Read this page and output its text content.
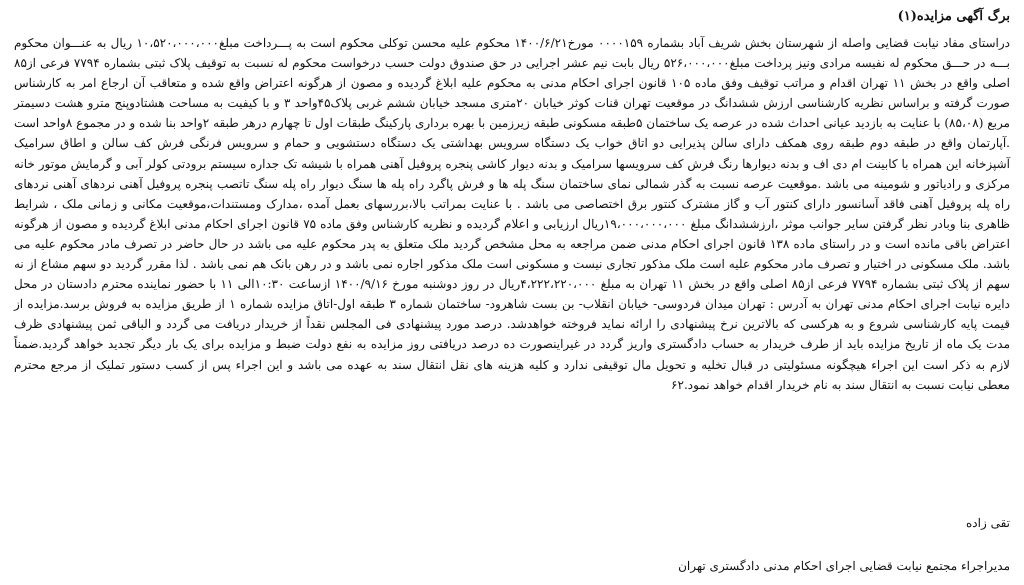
برگ آگهی مزایده(۱)

دراستای مفاد نیابت قضایی واصله از شهرستان بخش شریف آباد بشماره ۰۰۰۰۱۵۹ مورخ۱۴۰۰/۶/۲۱ محکوم علیه محسن توکلی محکوم است به پـــرداخت مبلغ۱۰،۵۲۰،۰۰۰،۰۰۰ ریال به عنـــوان محکوم بـــه در حـــق محکوم له نفیسه مرادی ونیز پرداخت مبلغ۵۲۶،۰۰۰،۰۰۰ ریال بابت نیم عشر اجرایی در حق صندوق دولت حسب درخواست محکوم له نسبت به توقیف پلاک ثبتی بشماره ۷۷۹۴ فرعی از۸۵ اصلی واقع در بخش ۱۱ تهران اقدام و مراتب توقیف وفق ماده ۱۰۵ قانون اجرای احکام مدنی به محکوم علیه ابلاغ گردیده و مصون از هرگونه اعتراض واقع شده و متعاقب آن ارجاع امر به کارشناس صورت گرفته و براساس نظریه کارشناسی ارزش ششدانگ در موقعیت تهران قنات کوثر خیابان ۲۰متری مسجد خیابان ششم غربی پلاک۴۵واحد ۳ و با کیفیت به مساحت هشتادوپنج مترو هشت دسیمتر مربع (۸۵،۰۸) با عنایت به بازدید عیانی احداث شده در عرصه یک ساختمان ۵طبقه مسکونی طبقه زیرزمین با بهره برداری پارکینگ طبقات اول تا چهارم درهر طبقه ۲واحد بنا شده و در مجموع ۸واحد است .آپارتمان واقع در طبقه دوم طبقه روی همکف دارای سالن پذیرایی دو اتاق خواب یک دستگاه سرویس بهداشتی یک دستگاه دستشویی و حمام و سرویس فرنگی فرش کف سالن و اطاق سرامیک آشپزخانه این همراه با کابینت ام دی اف و بدنه دیوارها رنگ فرش کف سرویسها سرامیک و بدنه دیوار کاشی پنجره پروفیل آهنی همراه با شیشه تک جداره سیستم برودتی کولر آبی و گرمایش موتور خانه مرکزی و رادیاتور و شومینه می باشد .موقعیت عرصه نسبت به گذر شمالی نمای ساختمان سنگ پله ها و فرش پاگرد راه پله ها سنگ دیوار راه پله سنگ تاتصب پنجره پروفیل آهنی نردهای آهنی نردهای راه پله پروفیل آهنی فاقد آسانسور دارای کنتور آب و گاز مشترک کنتور برق اختصاصی می باشد . با عنایت بمراتب بالا،بررسهای بعمل آمده ،مدارک ومستندات،موقعیت مکانی و زمانی ملک ، شرایط ظاهری بنا وبادر نظر گرفتن سایر جوانب موثر ،ارزششدانگ مبلغ ۱۹،۰۰۰،۰۰۰،۰۰۰ریال ارزیابی و اعلام گردیده و نظریه کارشناس وفق ماده ۷۵ قانون اجرای احکام مدنی ابلاغ گردیده و مصون از هرگونه اعتراض باقی مانده است و در راستای ماده ۱۳۸ قانون اجرای احکام مدنی ضمن مراجعه به محل مشخص گردید ملک متعلق به پدر محکوم علیه می باشد در حال حاضر در تصرف مادر محکوم علیه می باشد. ملک مسکونی در اختیار و تصرف مادر محکوم علیه است ملک مذکور تجاری نیست و مسکونی است ملک مذکور اجاره نمی باشد و در رهن بانک هم نمی باشد . لذا مقرر گردید دو سهم مشاع از نه سهم از پلاک ثبتی بشماره ۷۷۹۴ فرعی از۸۵ اصلی واقع در بخش ۱۱ تهران به مبلغ ۴،۲۲۲،۲۲۰،۰۰۰ریال در روز دوشنبه مورخ ۱۴۰۰/۹/۱۶ ازساعت ۱۰:۳۰الی ۱۱ با حضور نماینده محترم دادستان در محل دایره نیابت اجرای احکام مدنی تهران به آدرس : تهران میدان فردوسی- خیابان انقلاب- بن بست شاهرود- ساختمان شماره ۳ طبقه اول-اتاق مزایده شماره ۱ از طریق مزایده به فروش برسد.مزایده از قیمت پایه کارشناسی شروع و به هرکسی که بالاترین نرخ پیشنهادی را ارائه نماید فروخته خواهدشد. درصد مورد پیشنهادی فی المجلس نقداً از خریدار دریافت می گردد و الباقی ثمن پیشنهادی ظرف مدت یک ماه از تاریخ مزایده باید از طرف خریدار به حساب دادگستری واریز گردد در غیراینصورت ده درصد دریافتی روز مزایده به نفع دولت ضبط و مزایده برای یک بار دیگر تجدید خواهد گردید.ضمناً لازم به ذکر است این اجراء هیچگونه مسئولیتی در قبال تخلیه و تحویل مال توقیفی ندارد و کلیه هزینه های نقل انتقال سند به عهده می باشد و این اجراء پس از کسب دستور تملیک از مرجع محترم معطی نیابت نسبت به انتقال سند به نام خریدار اقدام خواهد نمود.۶۲

تقی زاده
مدیراجراء مجتمع نیابت قضایی اجرای احکام مدنی دادگستری تهران
